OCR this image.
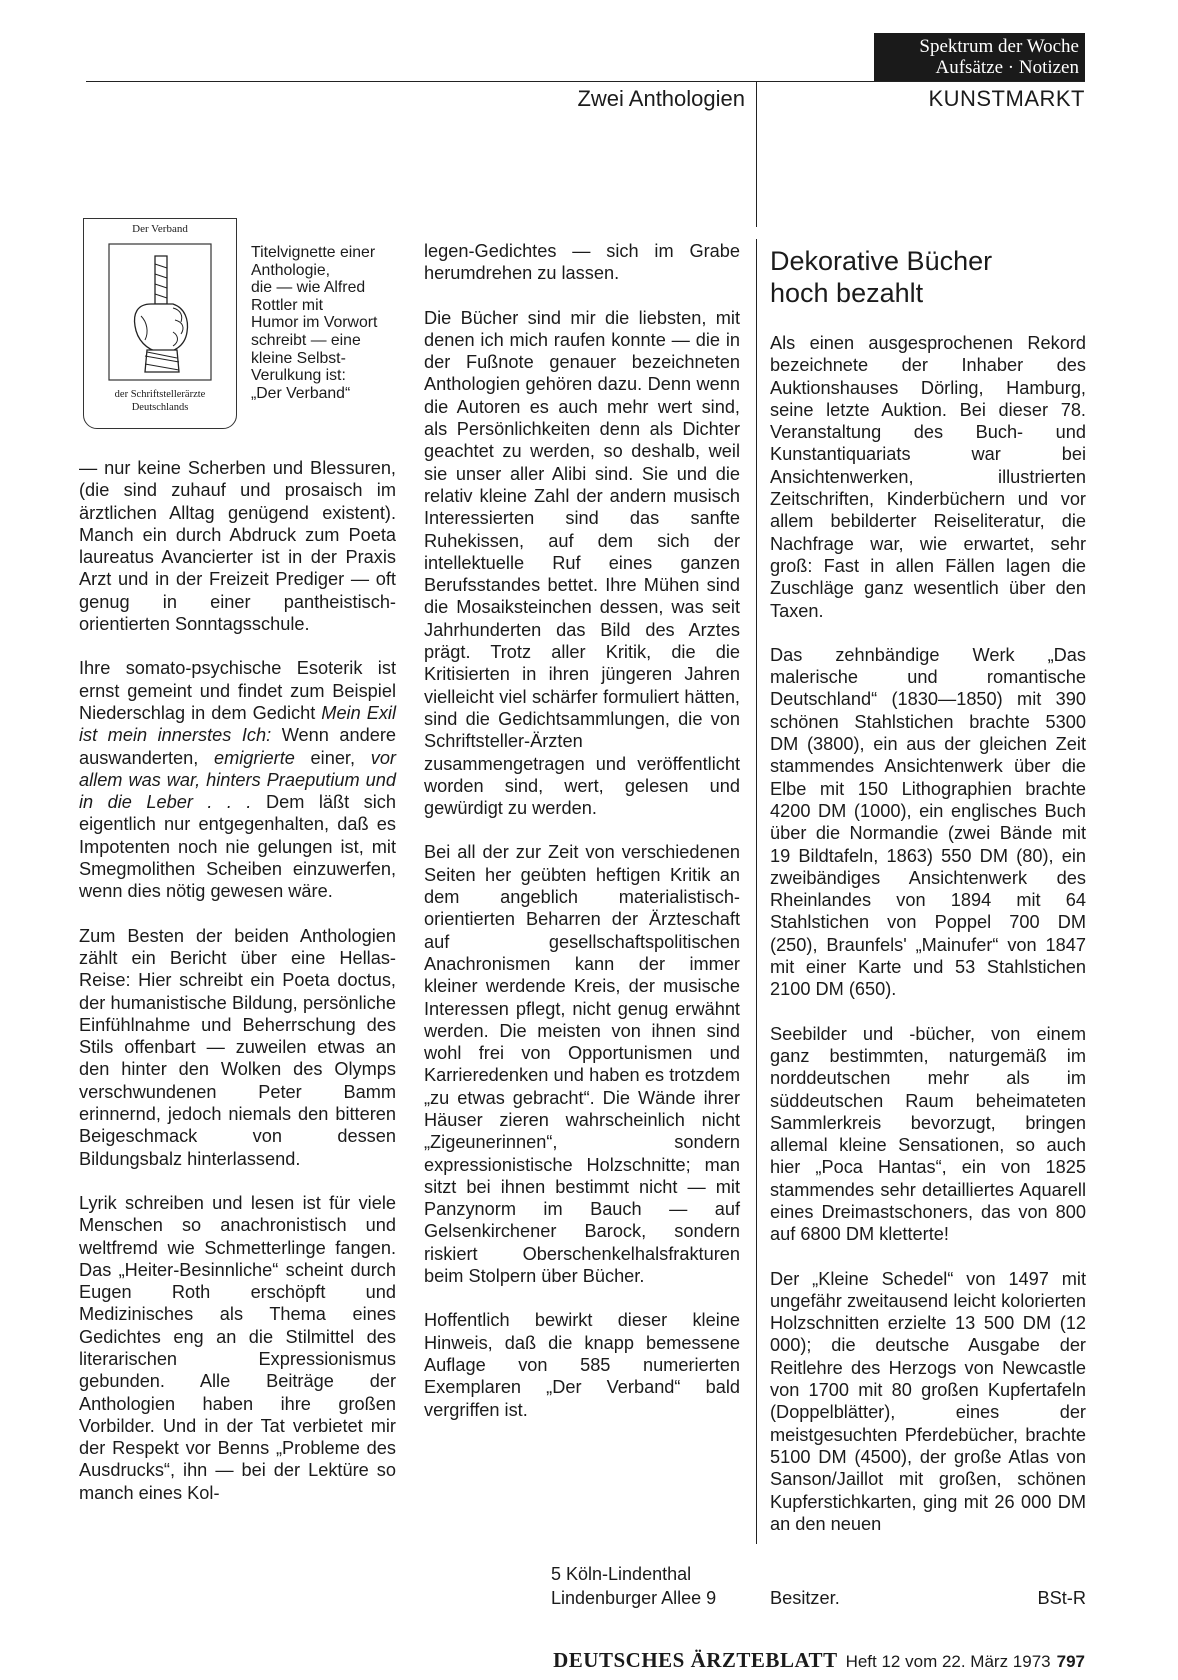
Spektrum der Woche
Aufsätze · Notizen
Zwei Anthologien	KUNSTMARKT
Der Verband
der Schriftstellerärzte
Deutschlands
Titelvignette einer
Anthologie,
die — wie Alfred
Rottler mit
Humor im Vorwort
schreibt — eine
kleine Selbst-
Verulkung ist:
„Der Verband“

— nur keine Scherben und Blessuren, (die sind zuhauf und prosaisch im ärztlichen Alltag genügend existent). Manch ein durch Abdruck zum Poeta laureatus Avancierter ist in der Praxis Arzt und in der Freizeit Prediger — oft genug in einer pantheistisch-orientierten Sonntagsschule.

Ihre somato-psychische Esoterik ist ernst gemeint und findet zum Beispiel Niederschlag in dem Gedicht Mein Exil ist mein innerstes Ich: Wenn andere auswanderten, emigrierte einer, vor allem was war, hinters Praeputium und in die Leber . . . Dem läßt sich eigentlich nur entgegenhalten, daß es Impotenten noch nie gelungen ist, mit Smegmolithen Scheiben einzuwerfen, wenn dies nötig gewesen wäre.

Zum Besten der beiden Anthologien zählt ein Bericht über eine Hellas-Reise: Hier schreibt ein Poeta doctus, der humanistische Bildung, persönliche Einfühlnahme und Beherrschung des Stils offenbart — zuweilen etwas an den hinter den Wolken des Olymps verschwundenen Peter Bamm erinnernd, jedoch niemals den bitteren Beigeschmack von dessen Bildungsbalz hinterlassend.

Lyrik schreiben und lesen ist für viele Menschen so anachronistisch und weltfremd wie Schmetterlinge fangen. Das „Heiter-Besinnliche“ scheint durch Eugen Roth erschöpft und Medizinisches als Thema eines Gedichtes eng an die Stilmittel des literarischen Expressionismus gebunden. Alle Beiträge der Anthologien haben ihre großen Vorbilder. Und in der Tat verbietet mir der Respekt vor Benns „Probleme des Ausdrucks“, ihn — bei der Lektüre so manch eines Kol-

legen-Gedichtes — sich im Grabe herumdrehen zu lassen.

Die Bücher sind mir die liebsten, mit denen ich mich raufen konnte — die in der Fußnote genauer bezeichneten Anthologien gehören dazu. Denn wenn die Autoren es auch mehr wert sind, als Persönlichkeiten denn als Dichter geachtet zu werden, so deshalb, weil sie unser aller Alibi sind. Sie und die relativ kleine Zahl der andern musisch Interessierten sind das sanfte Ruhekissen, auf dem sich der intellektuelle Ruf eines ganzen Berufsstandes bettet. Ihre Mühen sind die Mosaiksteinchen dessen, was seit Jahrhunderten das Bild des Arztes prägt. Trotz aller Kritik, die die Kritisierten in ihren jüngeren Jahren vielleicht viel schärfer formuliert hätten, sind die Gedichtsammlungen, die von Schriftsteller-Ärzten zusammengetragen und veröffentlicht worden sind, wert, gelesen und gewürdigt zu werden.

Bei all der zur Zeit von verschiedenen Seiten her geübten heftigen Kritik an dem angeblich materialistisch-orientierten Beharren der Ärzteschaft auf gesellschaftspolitischen Anachronismen kann der immer kleiner werdende Kreis, der musische Interessen pflegt, nicht genug erwähnt werden. Die meisten von ihnen sind wohl frei von Opportunismen und Karrieredenken und haben es trotzdem „zu etwas gebracht“. Die Wände ihrer Häuser zieren wahrscheinlich nicht „Zigeunerinnen“, sondern expressionistische Holzschnitte; man sitzt bei ihnen bestimmt nicht — mit Panzynorm im Bauch — auf Gelsenkirchener Barock, sondern riskiert Oberschenkelhalsfrakturen beim Stolpern über Bücher.

Hoffentlich bewirkt dieser kleine Hinweis, daß die knapp bemessene Auflage von 585 numerierten Exemplaren „Der Verband“ bald vergriffen ist.

5 Köln-Lindenthal
Lindenburger Allee 9
Dekorative Bücher
hoch bezahlt

Als einen ausgesprochenen Rekord bezeichnete der Inhaber des Auktionshauses Dörling, Hamburg, seine letzte Auktion. Bei dieser 78. Veranstaltung des Buch- und Kunstantiquariats war bei Ansichtenwerken, illustrierten Zeitschriften, Kinderbüchern und vor allem bebilderter Reiseliteratur, die Nachfrage war, wie erwartet, sehr groß: Fast in allen Fällen lagen die Zuschläge ganz wesentlich über den Taxen.

Das zehnbändige Werk „Das malerische und romantische Deutschland“ (1830—1850) mit 390 schönen Stahlstichen brachte 5300 DM (3800), ein aus der gleichen Zeit stammendes Ansichtenwerk über die Elbe mit 150 Lithographien brachte 4200 DM (1000), ein englisches Buch über die Normandie (zwei Bände mit 19 Bildtafeln, 1863) 550 DM (80), ein zweibändiges Ansichtenwerk des Rheinlandes von 1894 mit 64 Stahlstichen von Poppel 700 DM (250), Braunfels' „Mainufer“ von 1847 mit einer Karte und 53 Stahlstichen 2100 DM (650).

Seebilder und -bücher, von einem ganz bestimmten, naturgemäß im norddeutschen mehr als im süddeutschen Raum beheimateten Sammlerkreis bevorzugt, bringen allemal kleine Sensationen, so auch hier „Poca Hantas“, ein von 1825 stammendes sehr detailliertes Aquarell eines Dreimastschoners, das von 800 auf 6800 DM kletterte!

Der „Kleine Schedel“ von 1497 mit ungefähr zweitausend leicht kolorierten Holzschnitten erzielte 13 500 DM (12 000); die deutsche Ausgabe der Reitlehre des Herzogs von Newcastle von 1700 mit 80 großen Kupfertafeln (Doppelblätter), eines der meistgesuchten Pferdebücher, brachte 5100 DM (4500), der große Atlas von Sanson/Jaillot mit großen, schönen Kupferstichkarten, ging mit 26 000 DM an den neuen

Besitzer.	BSt-R
DEUTSCHES ÄRZTEBLATT Heft 12 vom 22. März 1973 797
